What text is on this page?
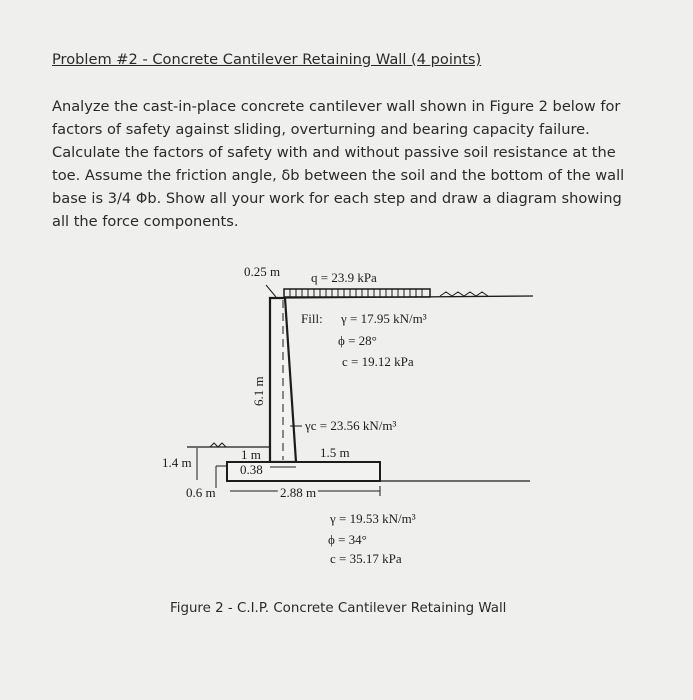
Problem #2 - Concrete Cantilever Retaining Wall (4 points)
Analyze the cast-in-place concrete cantilever wall shown in Figure 2 below for
factors of safety against sliding, overturning and bearing capacity failure.
Calculate the factors of safety with and without passive soil resistance at the
toe. Assume the friction angle, δb between the soil and the bottom of the wall
base is 3/4 Φb. Show all your work for each step and draw a diagram showing
all the force components.
0.25 m q = 23.9 kPa
Fill: γ = 17.95 kN/m³
ϕ = 28°
c = 19.12 kPa
6.1 m
γc = 23.56 kN/m³
1 m	1.5 m
1.4 m	0.38
0.6 m	2.88 m
γ = 19.53 kN/m³
ϕ = 34°
c = 35.17 kPa
Figure 2 - C.I.P. Concrete Cantilever Retaining Wall
